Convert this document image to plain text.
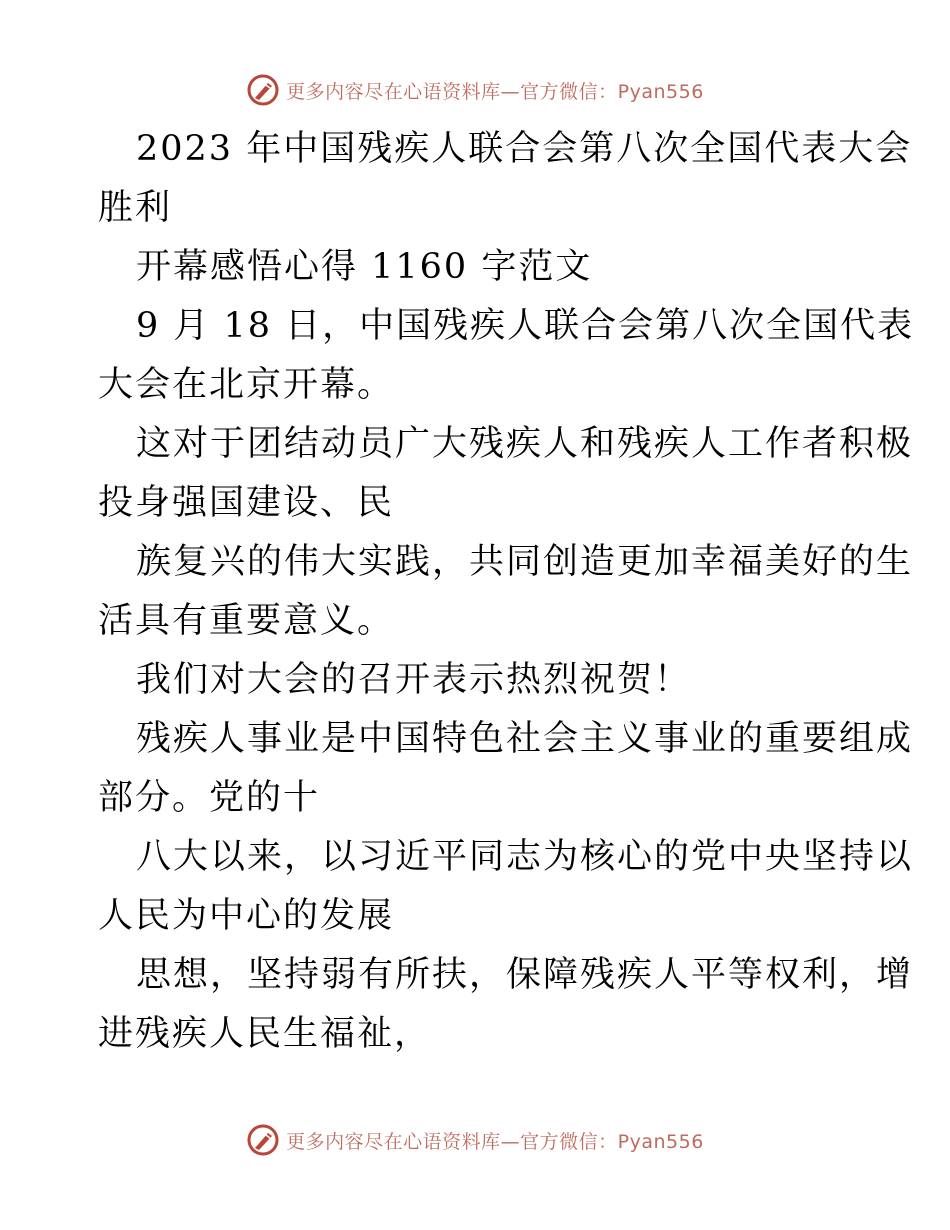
更多内容尽在心语资料库—官方微信：Pyan556

2023 年中国残疾人联合会第八次全国代表大会

胜利

开幕感悟心得 1160 字范文

9 月 18 日，中国残疾人联合会第八次全国代表

大会在北京开幕。

这对于团结动员广大残疾人和残疾人工作者积极

投身强国建设、民

族复兴的伟大实践，共同创造更加幸福美好的生

活具有重要意义。

我们对大会的召开表示热烈祝贺！

残疾人事业是中国特色社会主义事业的重要组成

部分。党的十

八大以来，以习近平同志为核心的党中央坚持以

人民为中心的发展

思想，坚持弱有所扶，保障残疾人平等权利，增

进残疾人民生福祉，

更多内容尽在心语资料库—官方微信：Pyan556
